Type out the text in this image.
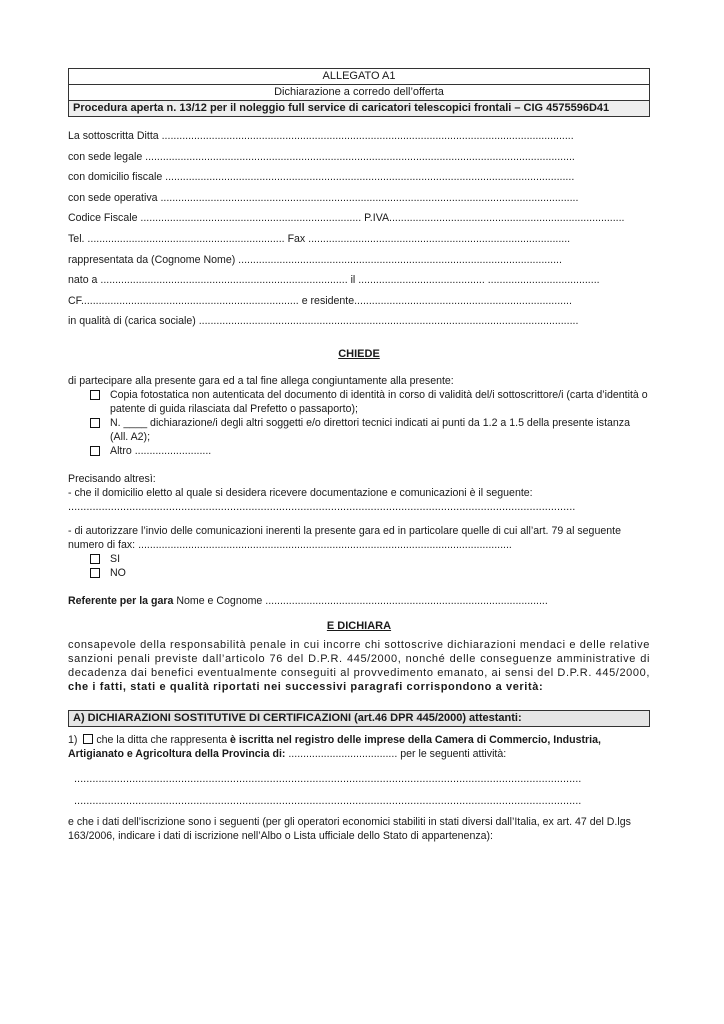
ALLEGATO A1
Dichiarazione a corredo dell’offerta
Procedura aperta n. 13/12 per il noleggio full service di caricatori telescopici frontali – CIG 4575596D41
La sottoscritta Ditta ............................................................................................................................................
con sede legale ..................................................................................................................................................
con domicilio fiscale ...........................................................................................................................................
con sede operativa ..............................................................................................................................................
Codice Fiscale ........................................................................... P.IVA................................................................................
Tel. ................................................................... Fax .........................................................................................
rappresentata da (Cognome Nome) ..............................................................................................................
nato a .................................................................................... il ........................................... ......................................
CF.......................................................................... e residente..........................................................................
in qualità di (carica sociale) .................................................................................................................................
CHIEDE
di partecipare alla presente gara ed a tal fine allega congiuntamente alla presente:
Copia fotostatica non autenticata del documento di identità in corso di validità del/i sottoscrittore/i (carta d’identità o patente di guida rilasciata dal Prefetto o passaporto);
N. ____ dichiarazione/i degli altri soggetti e/o direttori tecnici indicati ai punti da 1.2 a 1.5 della presente istanza (All. A2);
Altro ..........................
Precisando altresì:
- che il domicilio eletto al quale si desidera ricevere documentazione e comunicazioni è il seguente:
......................................................................................................................................................................
- di autorizzare l’invio delle comunicazioni inerenti la presente gara ed in particolare quelle di cui all’art. 79 al seguente numero di fax: ...............................................................................................................................
SI
NO
Referente per la gara Nome e Cognome ................................................................................................
E DICHIARA
consapevole della responsabilità penale in cui incorre chi sottoscrive dichiarazioni mendaci e delle relative sanzioni penali previste dall’articolo 76 del D.P.R. 445/2000, nonché delle conseguenze amministrative di decadenza dai benefici eventualmente conseguiti al provvedimento emanato, ai sensi del D.P.R. 445/2000, che i fatti, stati e qualità riportati nei successivi paragrafi corrispondono a verità:
A) DICHIARAZIONI SOSTITUTIVE DI CERTIFICAZIONI (art.46 DPR 445/2000) attestanti:
1)  che la ditta che rappresenta è iscritta nel registro delle imprese della Camera di Commercio, Industria, Artigianato e Agricoltura della Provincia di: ..................................... per le seguenti attività:
......................................................................................................................................................................
......................................................................................................................................................................
e che i dati dell’iscrizione sono i seguenti (per gli operatori economici stabiliti in stati diversi dall’Italia, ex art. 47 del D.lgs 163/2006, indicare i dati di iscrizione nell’Albo o Lista ufficiale dello Stato di appartenenza):
